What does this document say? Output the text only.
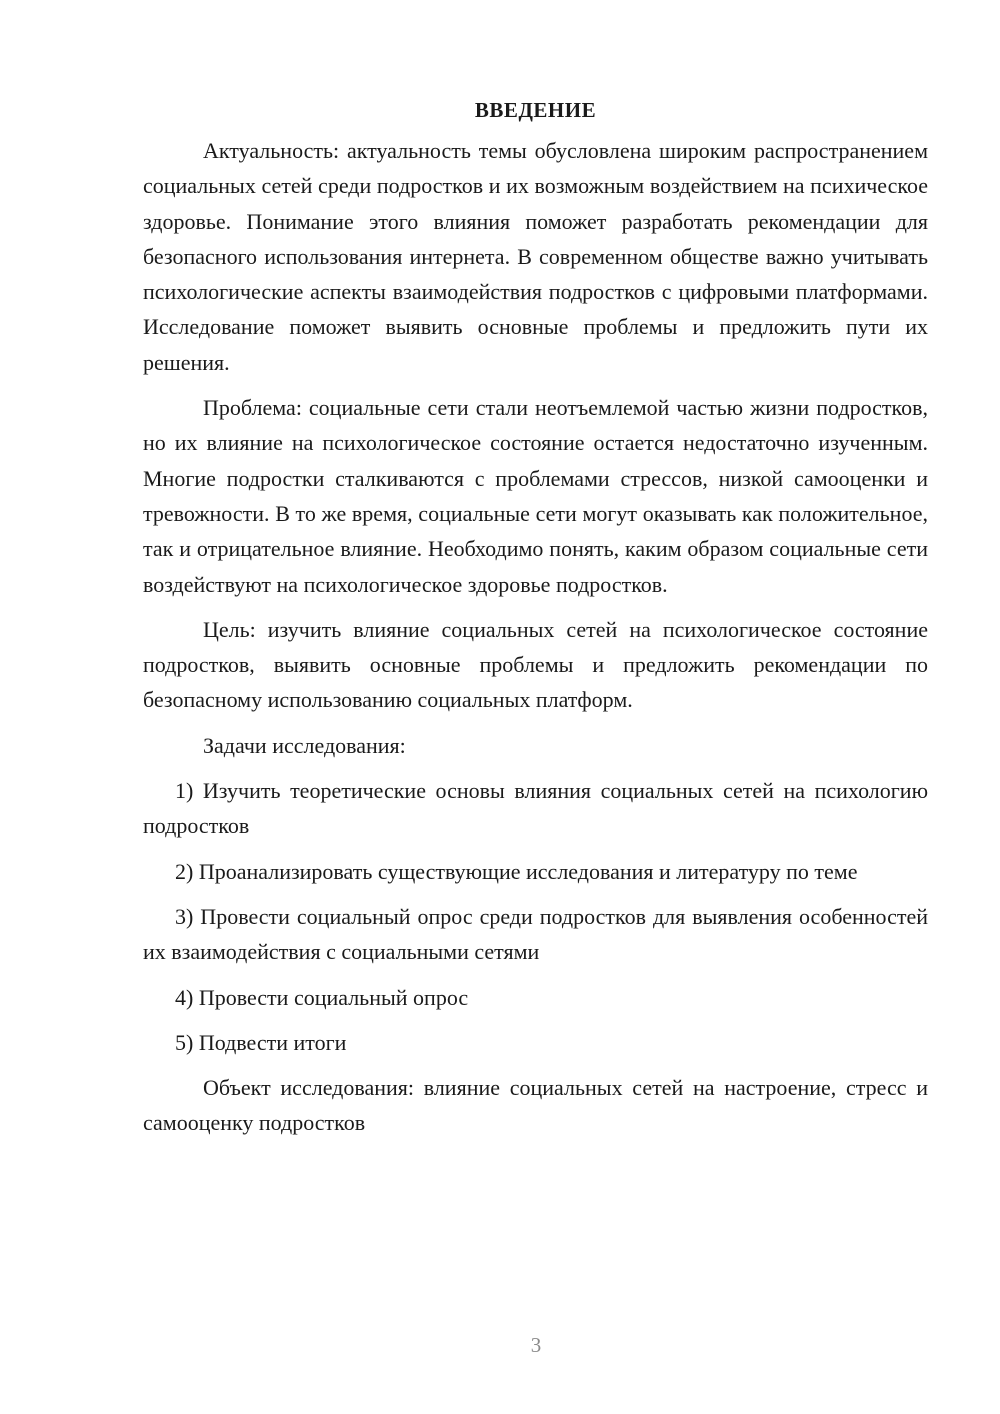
ВВЕДЕНИЕ

Актуальность: актуальность темы обусловлена широким распространением социальных сетей среди подростков и их возможным воздействием на психическое здоровье. Понимание этого влияния поможет разработать рекомендации для безопасного использования интернета. В современном обществе важно учитывать психологические аспекты взаимодействия подростков с цифровыми платформами. Исследование поможет выявить основные проблемы и предложить пути их решения.

Проблема: социальные сети стали неотъемлемой частью жизни подростков, но их влияние на психологическое состояние остается недостаточно изученным. Многие подростки сталкиваются с проблемами стрессов, низкой самооценки и тревожности. В то же время, социальные сети могут оказывать как положительное, так и отрицательное влияние. Необходимо понять, каким образом социальные сети воздействуют на психологическое здоровье подростков.

Цель: изучить влияние социальных сетей на психологическое состояние подростков, выявить основные проблемы и предложить рекомендации по безопасному использованию социальных платформ.

Задачи исследования:

1) Изучить теоретические основы влияния социальных сетей на психологию подростков

2) Проанализировать существующие исследования и литературу по теме

3) Провести социальный опрос среди подростков для выявления особенностей их взаимодействия с социальными сетями

4) Провести социальный опрос

5) Подвести итоги

Объект исследования: влияние социальных сетей на настроение, стресс и самооценку подростков

3
